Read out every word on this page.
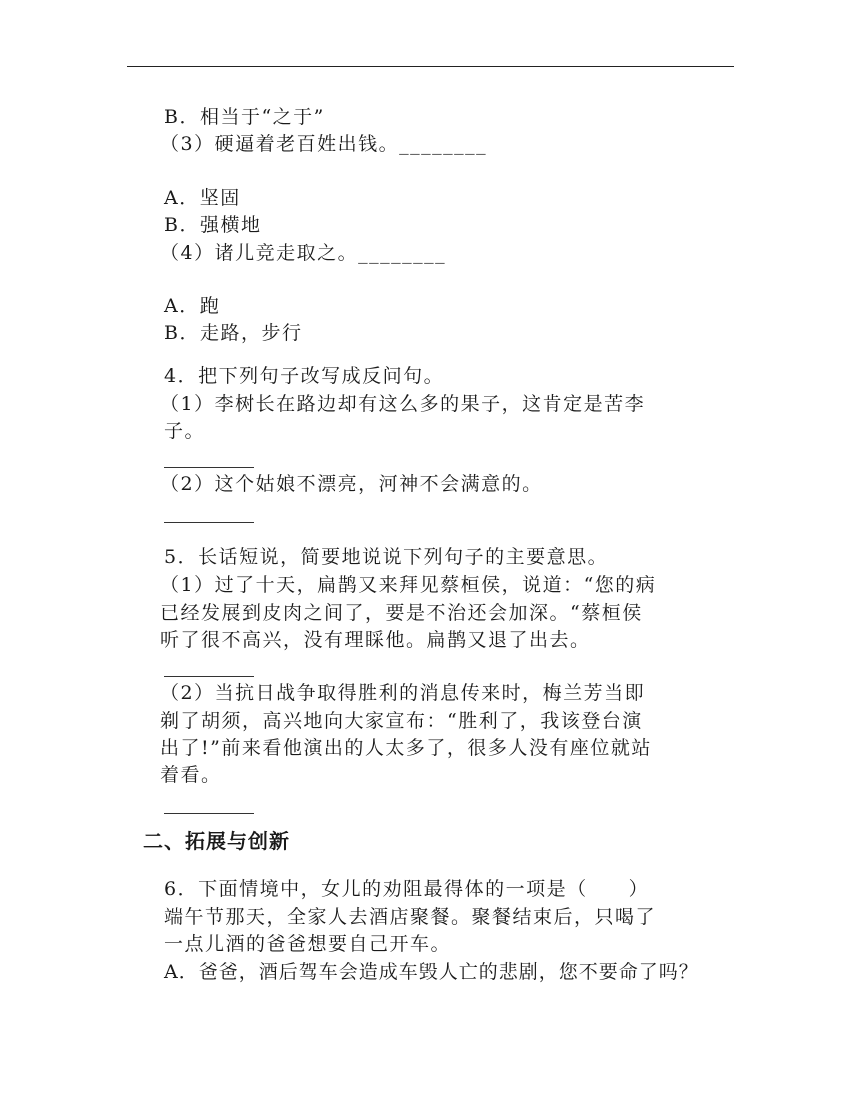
B．相当于“之于”
（3）硬逼着老百姓出钱。________
A．坚固
B．强横地
（4）诸儿竞走取之。________
A．跑
B．走路，步行
4．把下列句子改写成反问句。
（1）李树长在路边却有这么多的果子，这肯定是苦李
子。
（2）这个姑娘不漂亮，河神不会满意的。
5．长话短说，简要地说说下列句子的主要意思。
（1）过了十天，扁鹊又来拜见蔡桓侯，说道：“您的病
已经发展到皮肉之间了，要是不治还会加深。“蔡桓侯
听了很不高兴，没有理睬他。扁鹊又退了出去。
（2）当抗日战争取得胜利的消息传来时，梅兰芳当即
剃了胡须，高兴地向大家宣布：“胜利了，我该登台演
出了!”前来看他演出的人太多了，很多人没有座位就站
着看。
二、拓展与创新
6．下面情境中，女儿的劝阻最得体的一项是（　　）
端午节那天，全家人去酒店聚餐。聚餐结束后，只喝了
一点儿酒的爸爸想要自己开车。
A．爸爸，酒后驾车会造成车毁人亡的悲剧，您不要命了吗？
